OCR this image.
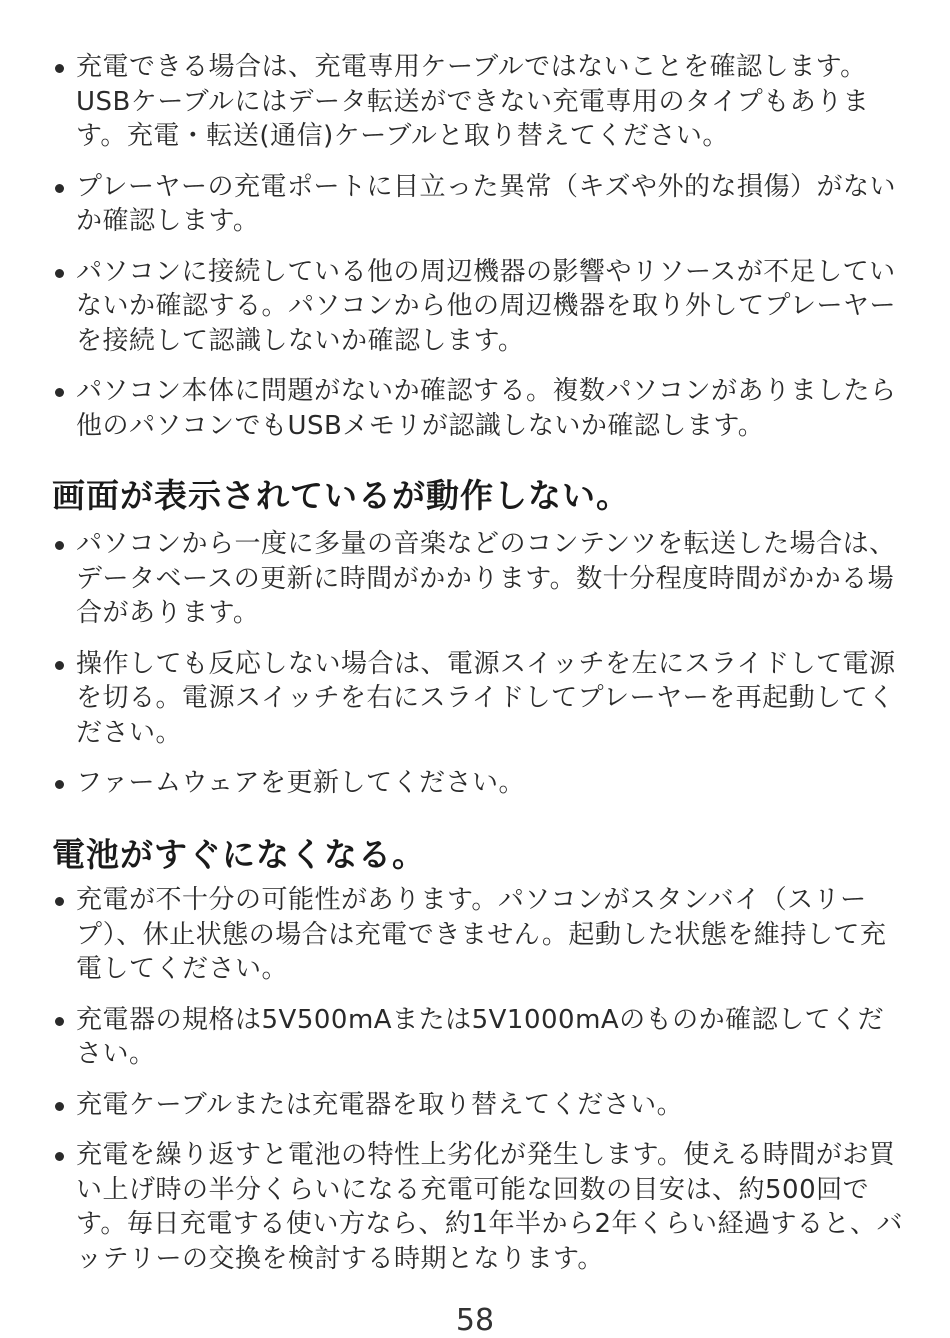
充電できる場合は、充電専用ケーブルではないことを確認します。USBケーブルにはデータ転送ができない充電専用のタイプもあります。充電・転送(通信)ケーブルと取り替えてください。
プレーヤーの充電ポートに目立った異常（キズや外的な損傷）がないか確認します。
パソコンに接続している他の周辺機器の影響やリソースが不足していないか確認する。パソコンから他の周辺機器を取り外してプレーヤーを接続して認識しないか確認します。
パソコン本体に問題がないか確認する。複数パソコンがありましたら他のパソコンでもUSBメモリが認識しないか確認します。
画面が表示されているが動作しない。
パソコンから一度に多量の音楽などのコンテンツを転送した場合は、データベースの更新に時間がかかります。数十分程度時間がかかる場合があります。
操作しても反応しない場合は、電源スイッチを左にスライドして電源を切る。電源スイッチを右にスライドしてプレーヤーを再起動してください。
ファームウェアを更新してください。
電池がすぐになくなる。
充電が不十分の可能性があります。パソコンがスタンバイ（スリープ）、休止状態の場合は充電できません。起動した状態を維持して充電してください。
充電器の規格は5V500mAまたは5V1000mAのものか確認してください。
充電ケーブルまたは充電器を取り替えてください。
充電を繰り返すと電池の特性上劣化が発生します。使える時間がお買い上げ時の半分くらいになる充電可能な回数の目安は、約500回です。毎日充電する使い方なら、約1年半から2年くらい経過すると、バッテリーの交換を検討する時期となります。
58
